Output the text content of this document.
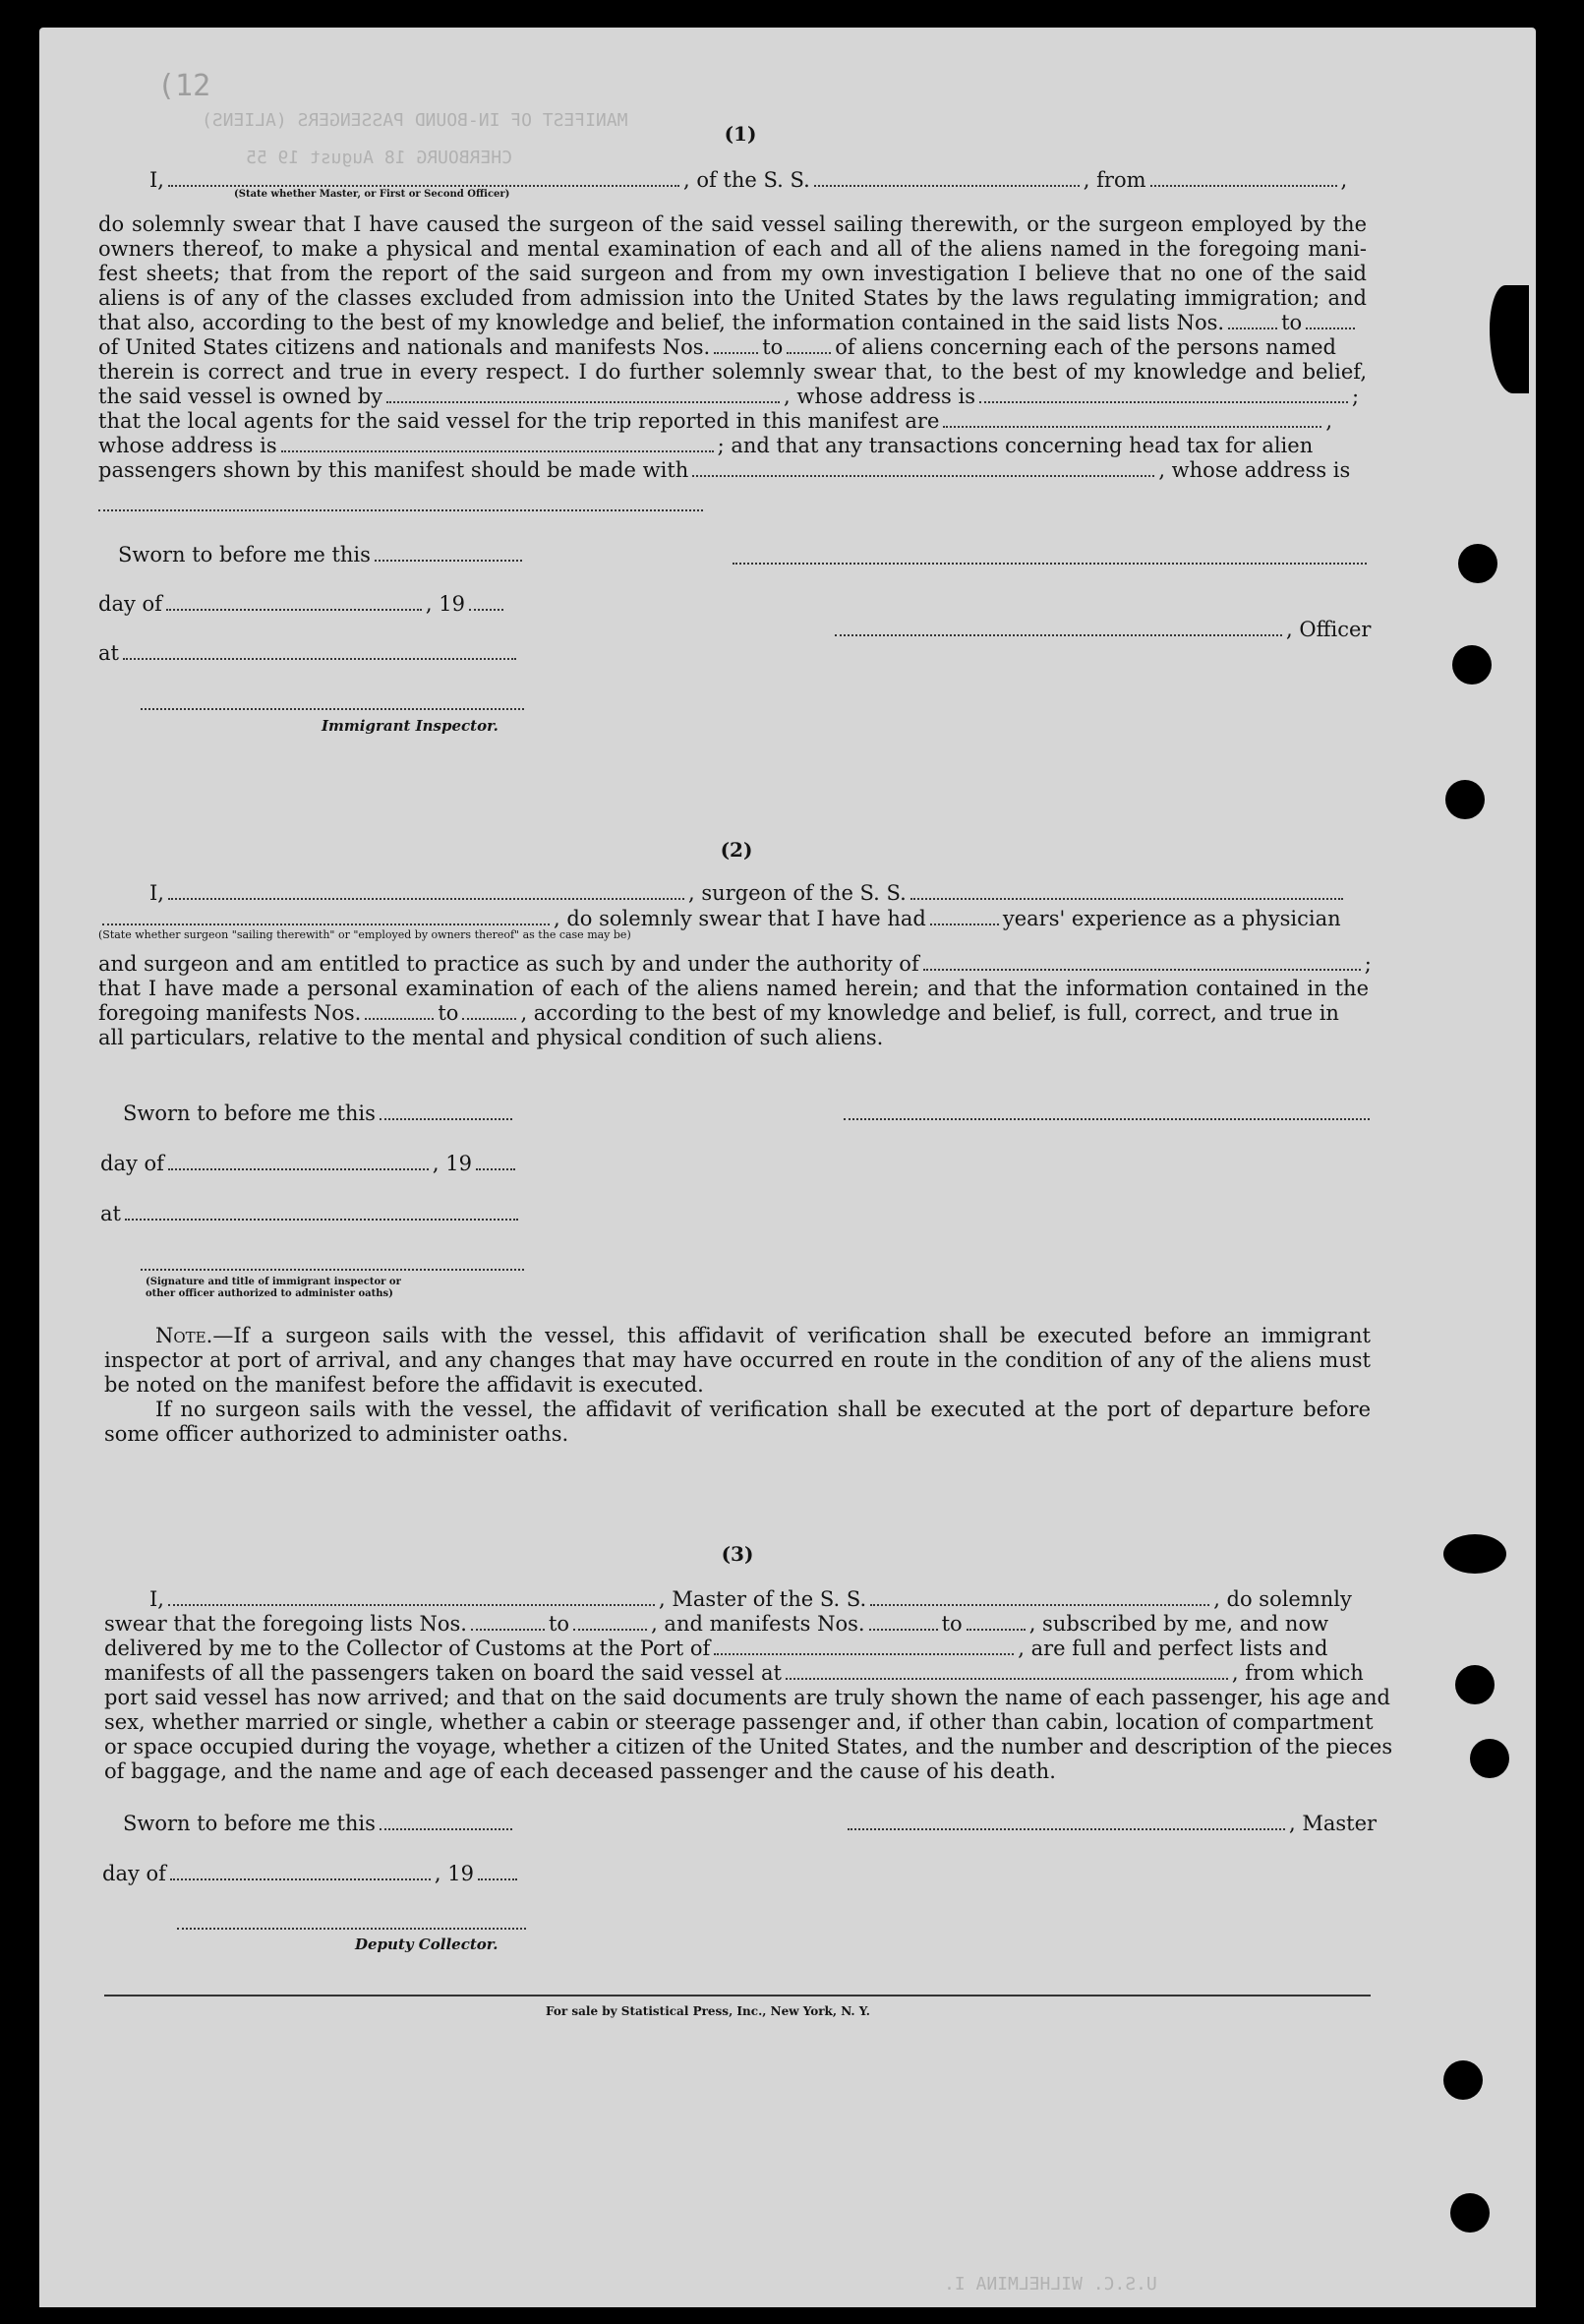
(12
MANIFEST OF IN-BOUND PASSENGERS (ALIENS)
CHERBOURG 18 August 19 55
U.S.C. WILHELMINA I.
(1)
I,	, of the S. S.	, from	,
(State whether Master, or First or Second Officer)
do solemnly swear that I have caused the surgeon of the said vessel sailing therewith, or the surgeon employed by the
owners thereof, to make a physical and mental examination of each and all of the aliens named in the foregoing mani-
fest sheets; that from the report of the said surgeon and from my own investigation I believe that no one of the said
aliens is of any of the classes excluded from admission into the United States by the laws regulating immigration; and
that also, according to the best of my knowledge and belief, the information contained in the said lists Nos.	to
of United States citizens and nationals and manifests Nos.	to	of aliens concerning each of the persons named
therein is correct and true in every respect. I do further solemnly swear that, to the best of my knowledge and belief,
the said vessel is owned by	, whose address is	;
that the local agents for the said vessel for the trip reported in this manifest are	,
whose address is	; and that any transactions concerning head tax for alien
passengers shown by this manifest should be made with	, whose address is
Sworn to before me this
day of	, 19
, Officer
at
Immigrant Inspector.
(2)
I,	, surgeon of the S. S.
, do solemnly swear that I have had	years' experience as a physician
(State whether surgeon "sailing therewith" or "employed by owners thereof" as the case may be)
and surgeon and am entitled to practice as such by and under the authority of	;
that I have made a personal examination of each of the aliens named herein; and that the information contained in the
foregoing manifests Nos.	to	, according to the best of my knowledge and belief, is full, correct, and true in
all particulars, relative to the mental and physical condition of such aliens.
Sworn to before me this
day of	, 19
at
(Signature and title of immigrant inspector or
other officer authorized to administer oaths)
Note.—If a surgeon sails with the vessel, this affidavit of verification shall be executed before an immigrant
inspector at port of arrival, and any changes that may have occurred en route in the condition of any of the aliens must
be noted on the manifest before the affidavit is executed.
If no surgeon sails with the vessel, the affidavit of verification shall be executed at the port of departure before
some officer authorized to administer oaths.
(3)
I,	, Master of the S. S.	, do solemnly
swear that the foregoing lists Nos.	to	, and manifests Nos.	to	, subscribed by me, and now
delivered by me to the Collector of Customs at the Port of	, are full and perfect lists and
manifests of all the passengers taken on board the said vessel at	, from which
port said vessel has now arrived; and that on the said documents are truly shown the name of each passenger, his age and
sex, whether married or single, whether a cabin or steerage passenger and, if other than cabin, location of compartment
or space occupied during the voyage, whether a citizen of the United States, and the number and description of the pieces
of baggage, and the name and age of each deceased passenger and the cause of his death.
Sworn to before me this	, Master
day of	, 19
Deputy Collector.
For sale by Statistical Press, Inc., New York, N. Y.
